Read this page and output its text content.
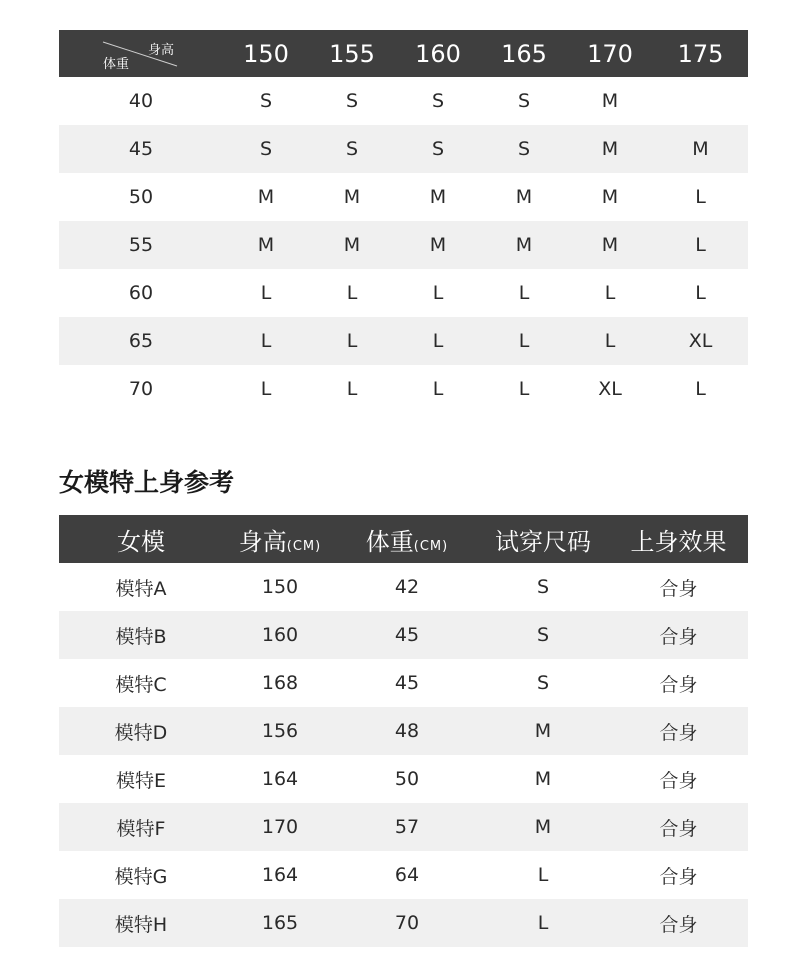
身高
体重	150	155	160	165	170	175
40	S	S	S	S	M
45	S	S	S	S	M	M
50	M	M	M	M	M	L
55	M	M	M	M	M	L
60	L	L	L	L	L	L
65	L	L	L	L	L	XL
70	L	L	L	L	XL	L
女模特上身参考
女模	身高(CM)	体重(CM)	试穿尺码	上身效果
模特A	150	42	S	合身
模特B	160	45	S	合身
模特C	168	45	S	合身
模特D	156	48	M	合身
模特E	164	50	M	合身
模特F	170	57	M	合身
模特G	164	64	L	合身
模特H	165	70	L	合身
